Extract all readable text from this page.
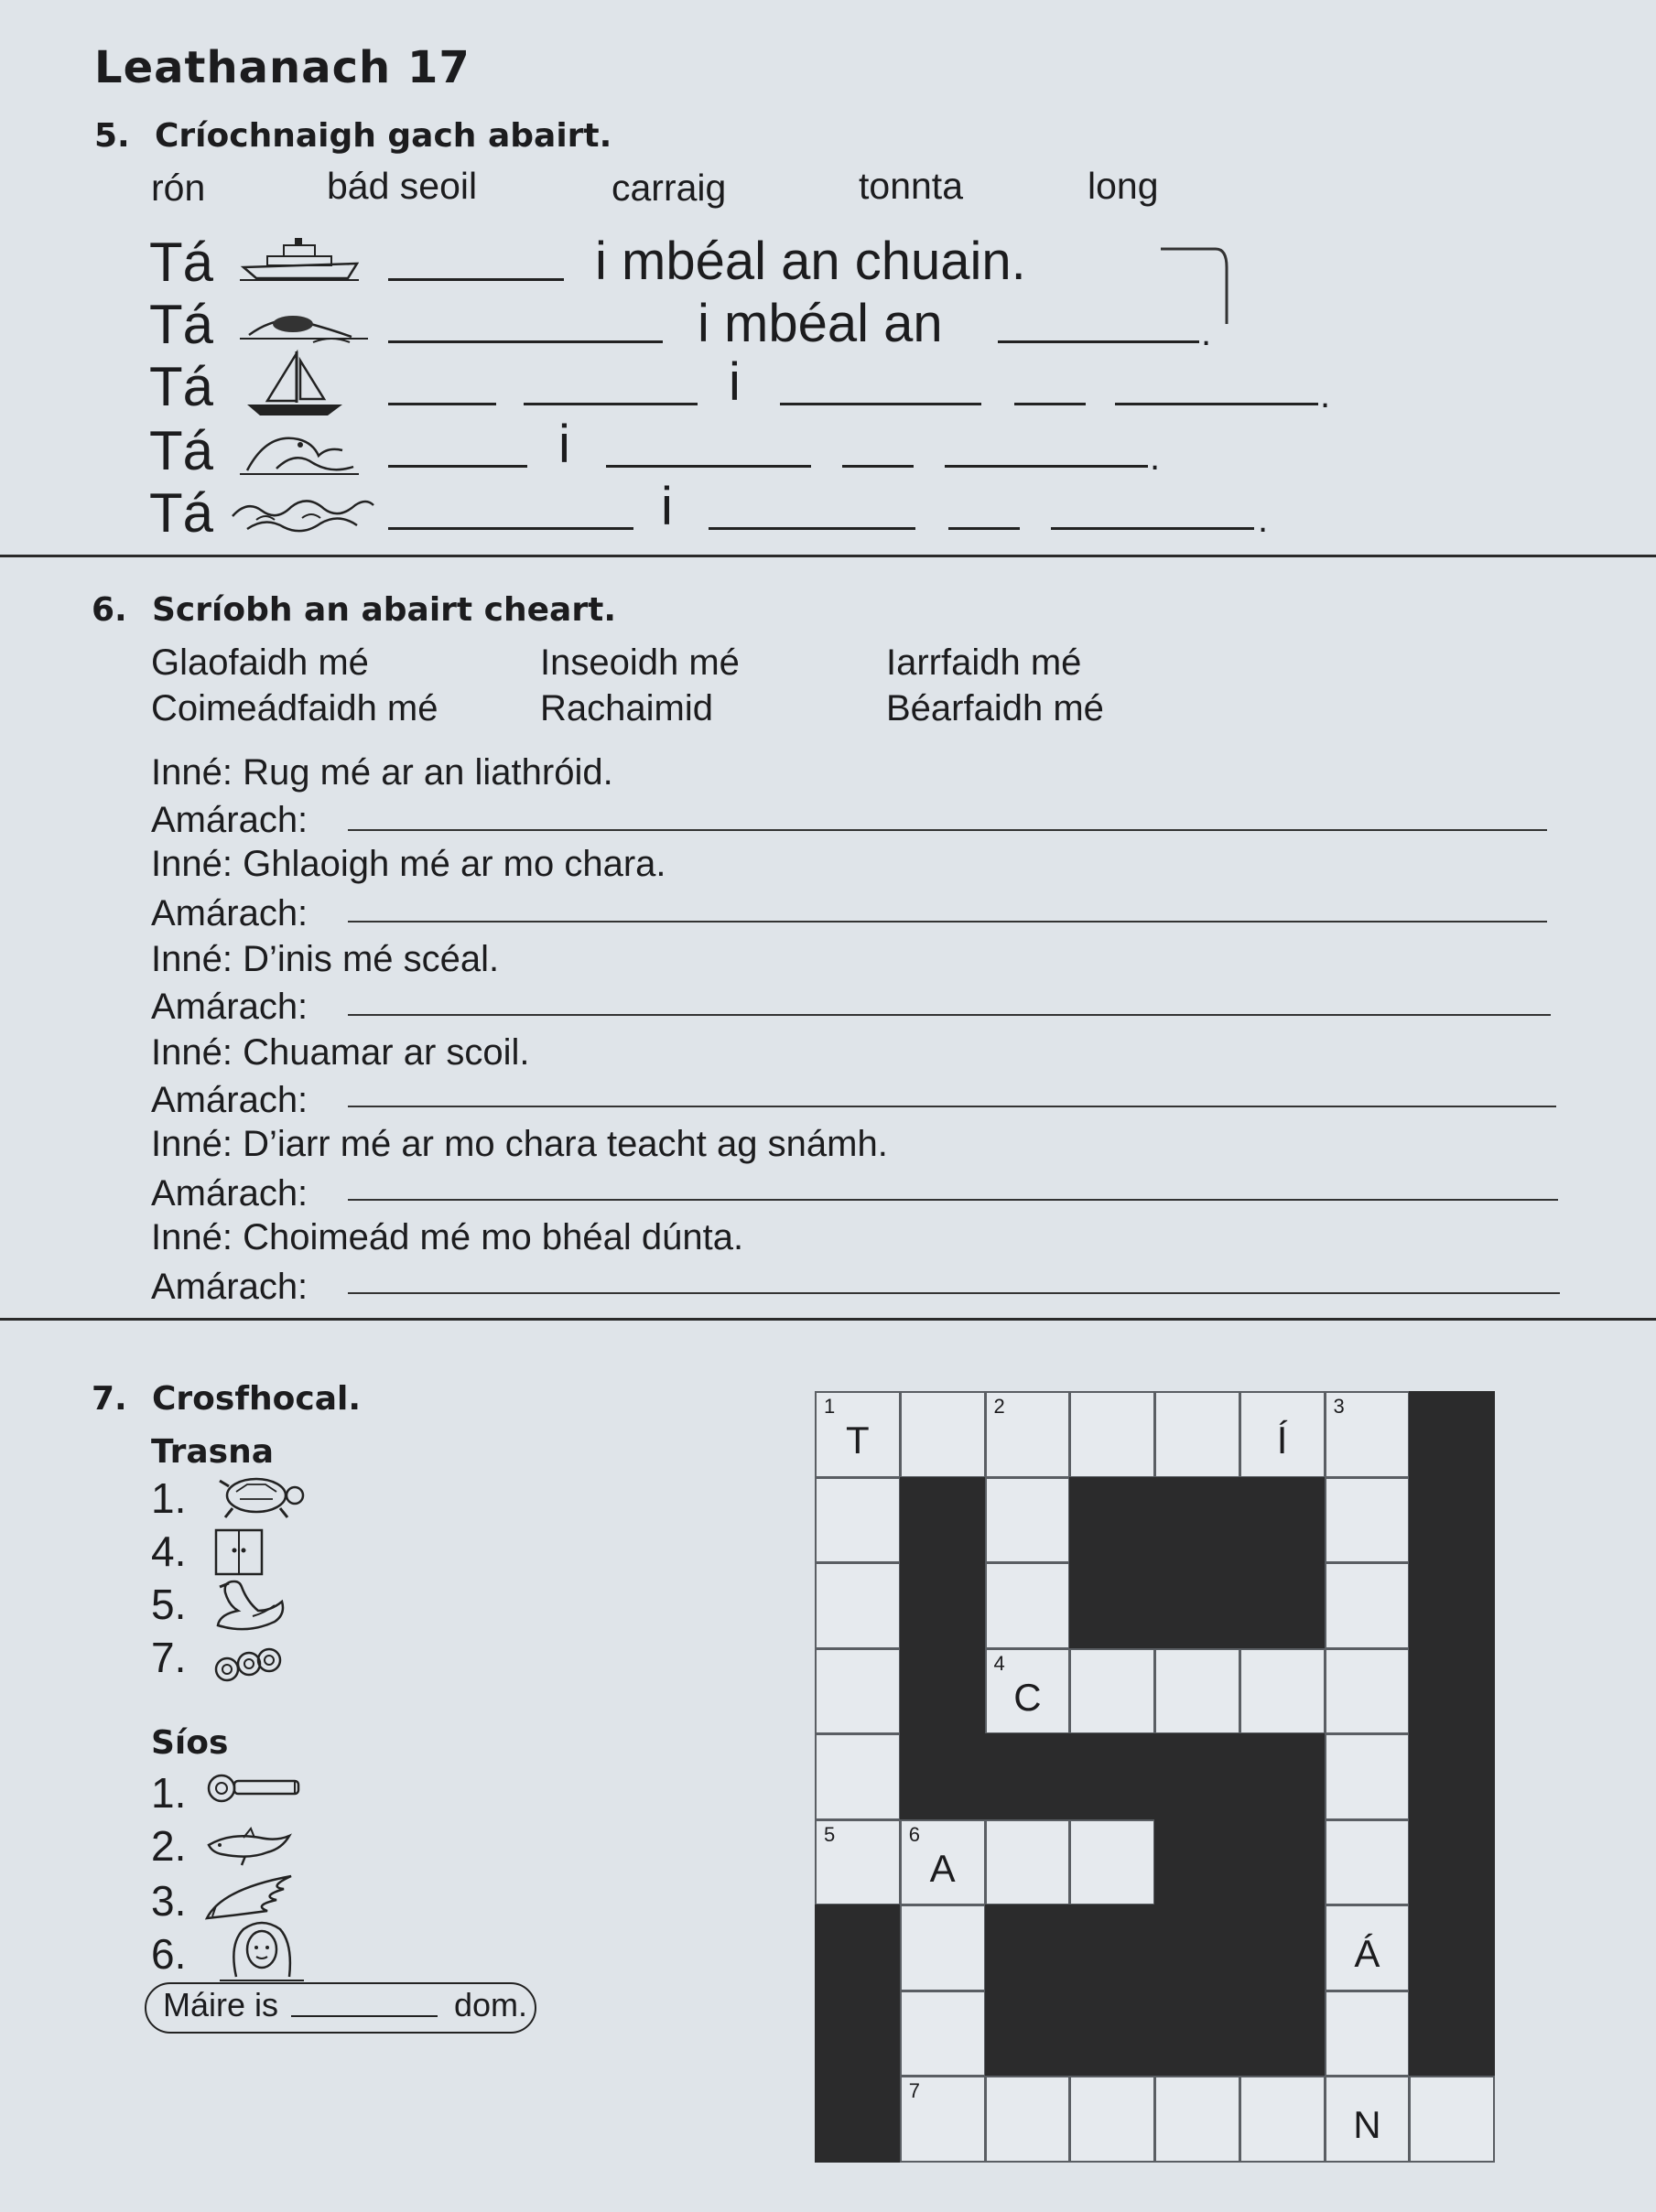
Leathanach 17
5. Críochnaigh gach abairt.
rón	bád seoil	carraig	tonnta	long
Tá	i mbéal an chuain.
Tá	i mbéal an	.
Tá	i	.
Tá	i	.
Tá	i	.
6. Scríobh an abairt cheart.
Glaofaidh mé	Inseoidh mé	Iarrfaidh mé
Coimeádfaidh mé	Rachaimid	Béarfaidh mé
Inné: Rug mé ar an liathróid.
Amárach:
Inné: Ghlaoigh mé ar mo chara.
Amárach:
Inné: D’inis mé scéal.
Amárach:
Inné: Chuamar ar scoil.
Amárach:
Inné: D’iarr mé ar mo chara teacht ag snámh.
Amárach:
Inné: Choimeád mé mo bhéal dúnta.
Amárach:
7. Crosfhocal.
Trasna
1.
4.
5.
7.
Síos
1.
2.
3.
6.
Máire is	dom.
1
T
2
Í
3
4
C
5	6
A
Á
7
N
